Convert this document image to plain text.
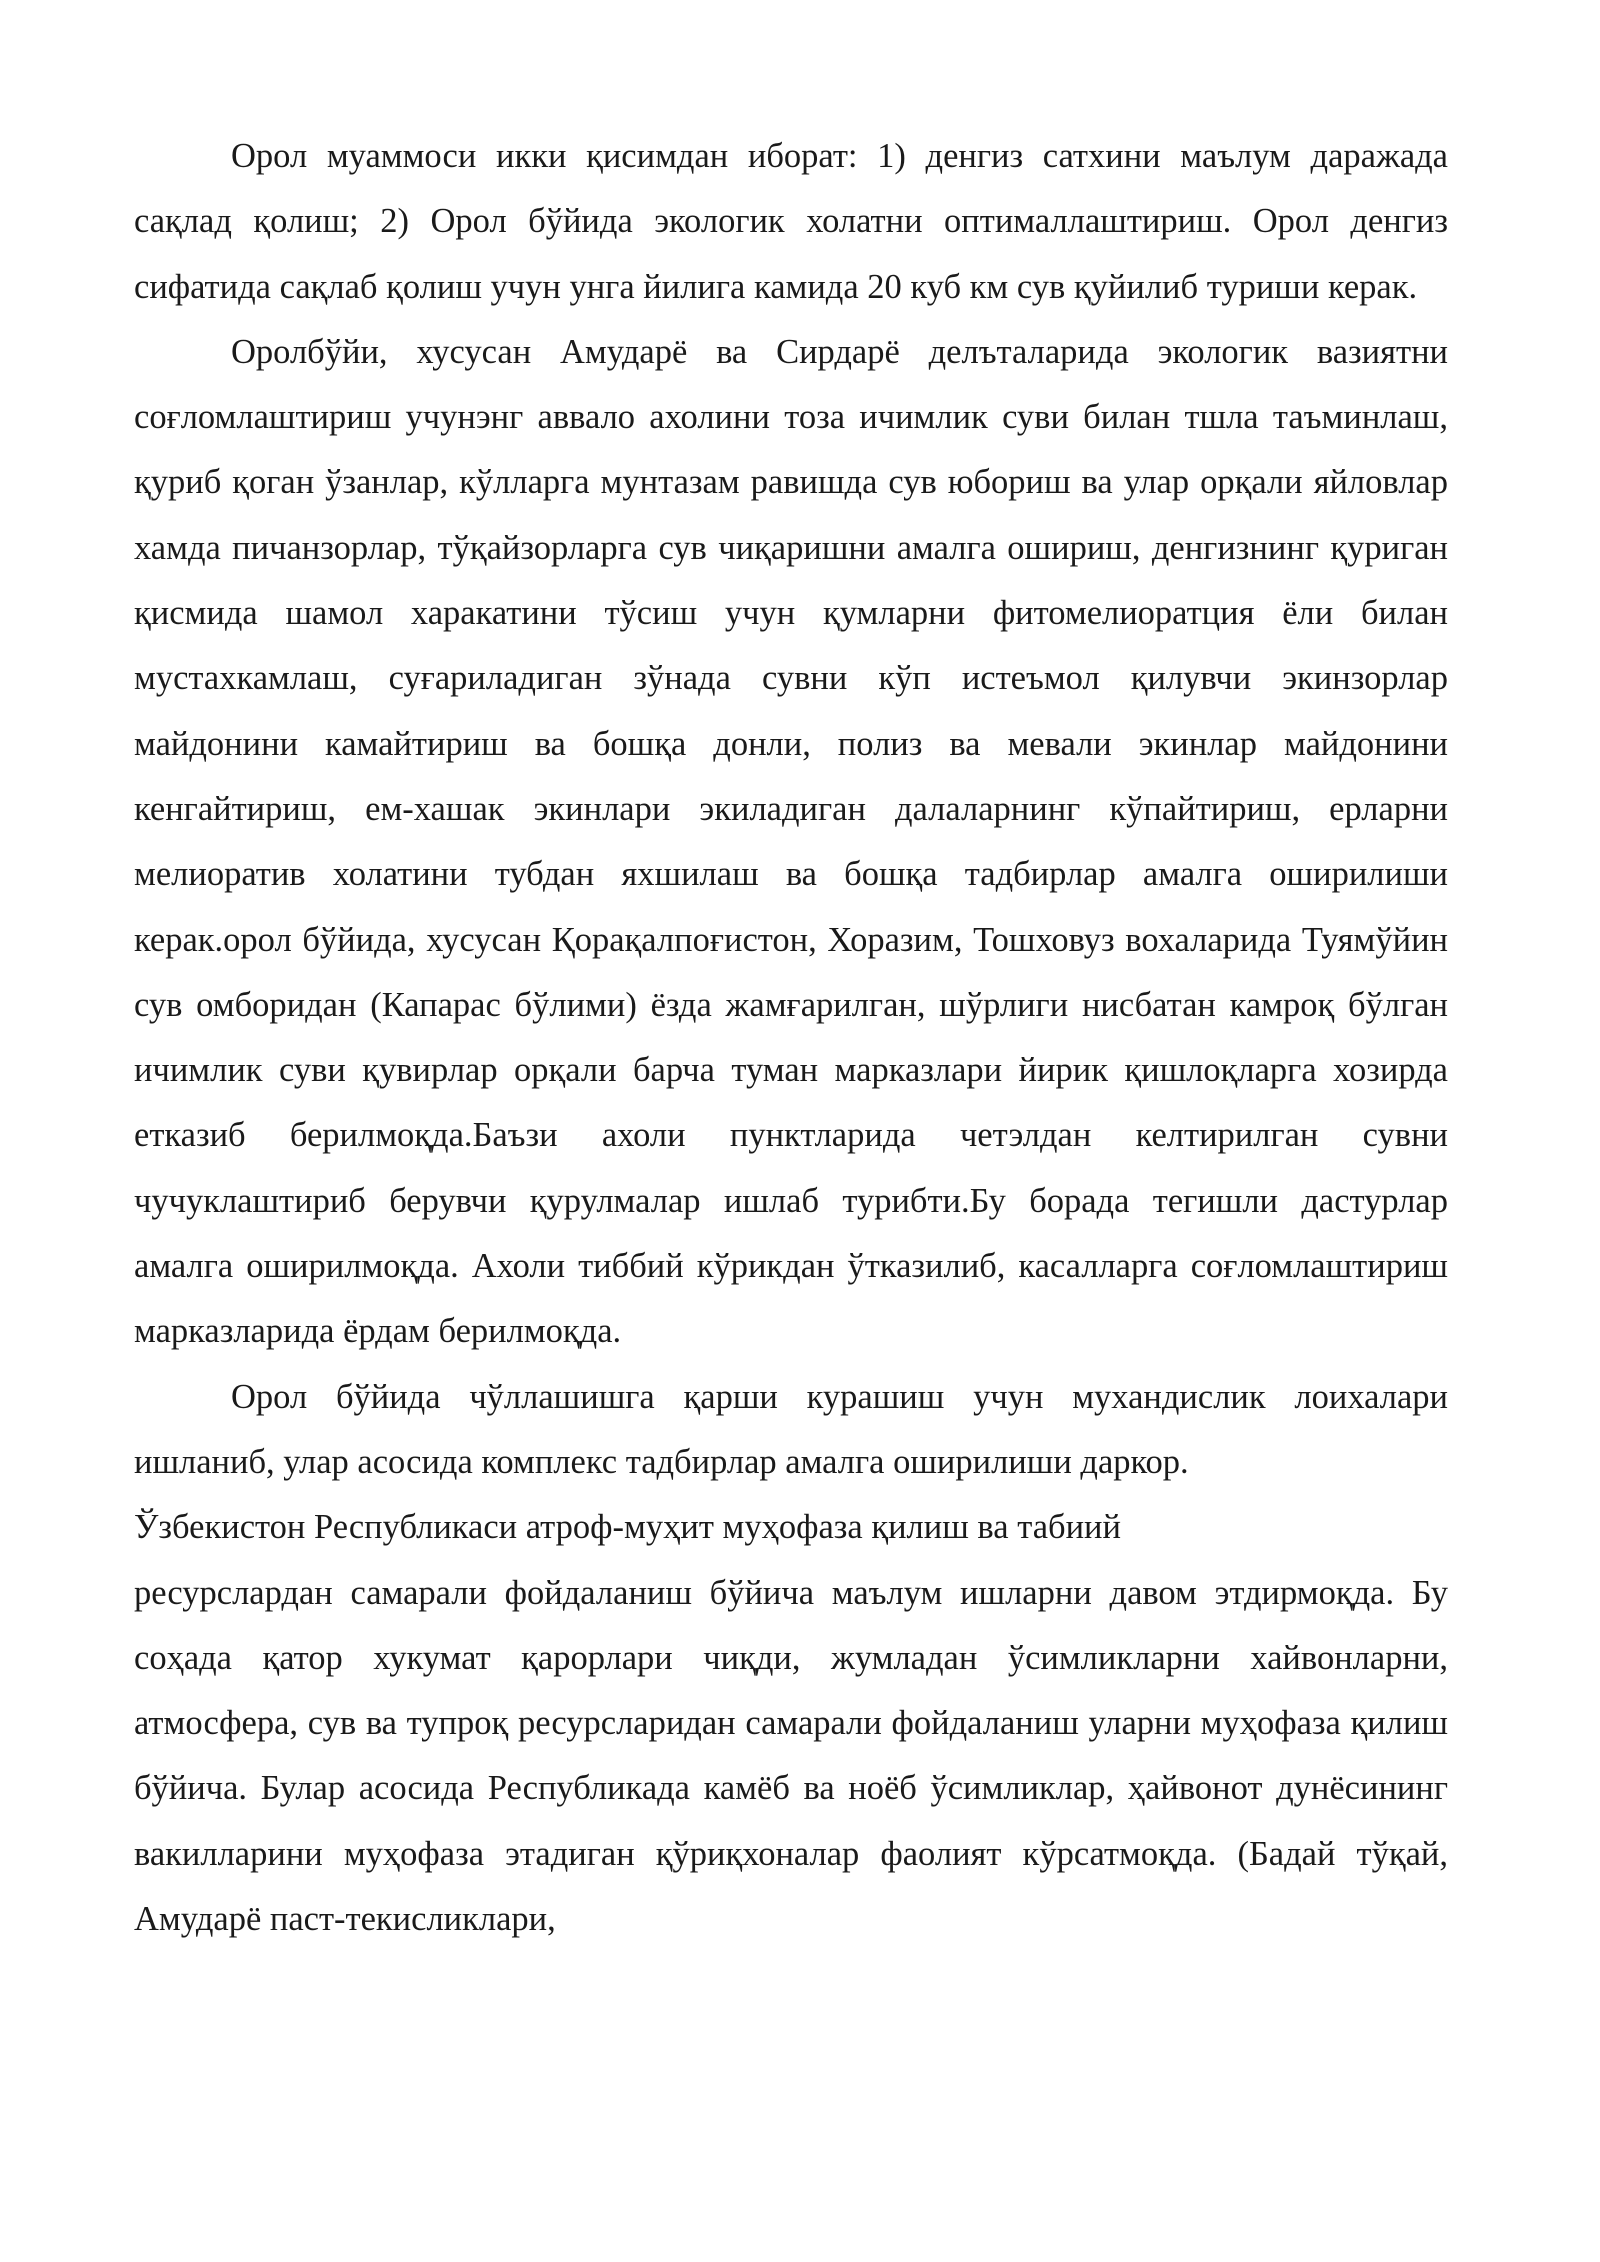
Орол муаммоси икки қисимдан иборат: 1) денгиз сатхини маълум даражада сақлад қолиш; 2) Орол бўйида экологик холатни оптималлаштириш. Орол денгиз сифатида сақлаб қолиш учун унга йилига камида 20 куб км сув қуйилиб туриши керак.

Оролбўйи, хусусан Амударё ва Сирдарё делъталарида экологик вазиятни соғломлаштириш учунэнг аввало ахолини тоза ичимлик суви билан тшла таъминлаш, қуриб қоган ўзанлар, кўлларга мунтазам равишда сув юбориш ва улар орқали яйловлар хамда пичанзорлар, тўқайзорларга сув чиқаришни амалга ошириш, денгизнинг қуриган қисмида шамол харакатини тўсиш учун қумларни фитомелиоратция ёли билан мустахкамлаш, суғариладиган зўнада сувни кўп истеъмол қилувчи экинзорлар майдонини камайтириш ва бошқа донли, полиз ва мевали экинлар майдонини кенгайтириш, ем-хашак экинлари экиладиган далаларнинг кўпайтириш, ерларни мелиоратив холатини тубдан яхшилаш ва бошқа тадбирлар амалга оширилиши керак.орол бўйида, хусусан Қорақалпоғистон, Хоразим, Тошховуз вохаларида Туямўйин сув омборидан (Капарас бўлими) ёзда жамғарилган, шўрлиги нисбатан камроқ бўлган ичимлик суви қувирлар орқали барча туман марказлари йирик қишлоқларга хозирда етказиб берилмоқда.Баъзи ахоли пунктларида четэлдан келтирилган сувни чучуклаштириб берувчи қурулмалар ишлаб турибти.Бу борада тегишли дастурлар амалга оширилмоқда. Ахоли тиббий кўрикдан ўтказилиб, касалларга соғломлаштириш марказларида ёрдам берилмоқда.

Орол бўйида чўллашишга қарши курашиш учун мухандислик лоихалари ишланиб, улар асосида комплекс тадбирлар амалга оширилиши даркор.

Ўзбекистон Республикаси атроф-муҳит муҳофаза қилиш ва табиий

ресурслардан самарали фойдаланиш бўйича маълум ишларни давом этдирмоқда. Бу соҳада қатор хукумат қарорлари чиқди, жумладан ўсимликларни хайвонларни, атмосфера, сув ва тупроқ ресурсларидан самарали фойдаланиш уларни муҳофаза қилиш бўйича. Булар асосида Республикада камёб ва ноёб ўсимликлар, ҳайвонот дунёсининг вакилларини муҳофаза этадиган қўриқхоналар фаолият кўрсатмоқда. (Бадай тўқай, Амударё паст-текисликлари,
